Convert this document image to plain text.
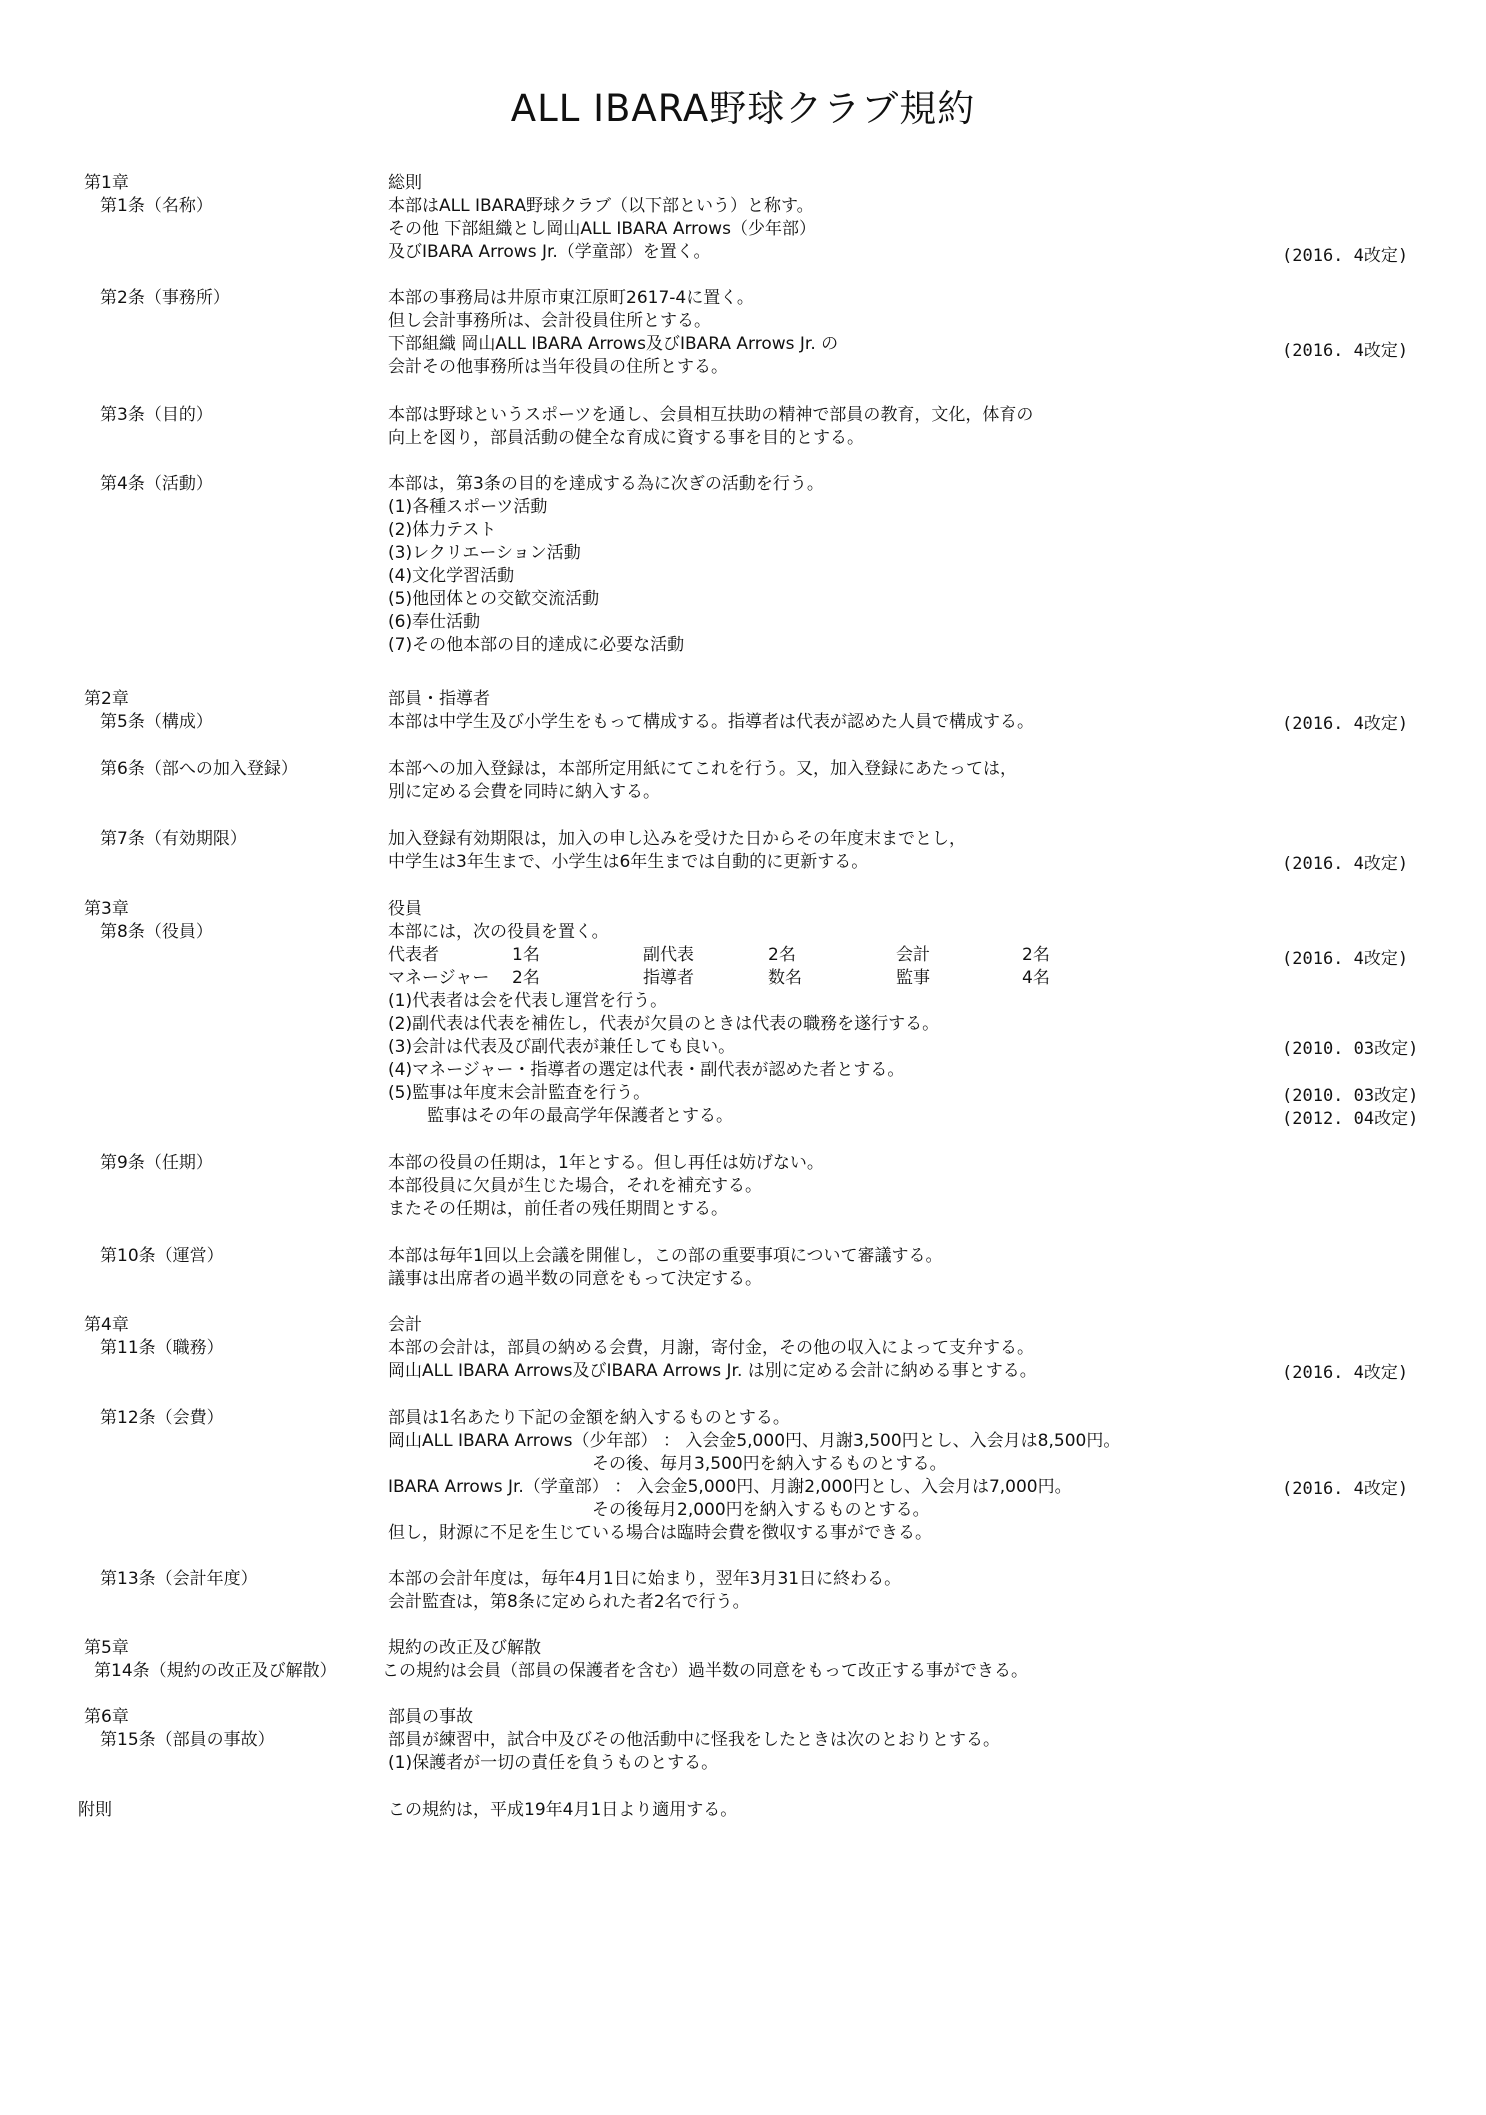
ALL IBARA野球クラブ規約
第1章	総則
第1条（名称）	本部はALL IBARA野球クラブ（以下部という）と称す。
その他 下部組織とし岡山ALL IBARA Arrows（少年部）
及びIBARA Arrows Jr.（学童部）を置く。	(2016. 4改定)
第2条（事務所）	本部の事務局は井原市東江原町2617-4に置く。
但し会計事務所は、会計役員住所とする。
下部組織 岡山ALL IBARA Arrows及びIBARA Arrows Jr. の	(2016. 4改定)
会計その他事務所は当年役員の住所とする。
第3条（目的）	本部は野球というスポーツを通し、会員相互扶助の精神で部員の教育，文化，体育の
向上を図り，部員活動の健全な育成に資する事を目的とする。
第4条（活動）	本部は，第3条の目的を達成する為に次ぎの活動を行う。
(1)各種スポーツ活動
(2)体力テスト
(3)レクリエーション活動
(4)文化学習活動
(5)他団体との交歓交流活動
(6)奉仕活動
(7)その他本部の目的達成に必要な活動
第2章	部員・指導者
第5条（構成）	本部は中学生及び小学生をもって構成する。指導者は代表が認めた人員で構成する。	(2016. 4改定)
第6条（部への加入登録）	本部への加入登録は，本部所定用紙にてこれを行う。又，加入登録にあたっては，
別に定める会費を同時に納入する。
第7条（有効期限）	加入登録有効期限は，加入の申し込みを受けた日からその年度末までとし，
中学生は3年生まで、小学生は6年生までは自動的に更新する。	(2016. 4改定)
第3章	役員
第8条（役員）	本部には，次の役員を置く。
代表者	1名	副代表	2名	会計	2名	(2016. 4改定)
マネージャー 2名	指導者	数名	監事	4名
(1)代表者は会を代表し運営を行う。
(2)副代表は代表を補佐し，代表が欠員のときは代表の職務を遂行する。
(3)会計は代表及び副代表が兼任しても良い。	(2010. 03改定)
(4)マネージャー・指導者の選定は代表・副代表が認めた者とする。
(5)監事は年度末会計監査を行う。	(2010. 03改定)
　監事はその年の最高学年保護者とする。	(2012. 04改定)
第9条（任期）	本部の役員の任期は，1年とする。但し再任は妨げない。
本部役員に欠員が生じた場合，それを補充する。
またその任期は，前任者の残任期間とする。
第10条（運営）	本部は毎年1回以上会議を開催し，この部の重要事項について審議する。
議事は出席者の過半数の同意をもって決定する。
第4章	会計
第11条（職務）	本部の会計は，部員の納める会費，月謝，寄付金，その他の収入によって支弁する。
岡山ALL IBARA Arrows及びIBARA Arrows Jr. は別に定める会計に納める事とする。	(2016. 4改定)
第12条（会費）	部員は1名あたり下記の金額を納入するものとする。
岡山ALL IBARA Arrows（少年部） ： 入会金5,000円、月謝3,500円とし、入会月は8,500円。
　　　　　　　　　　　　その後、毎月3,500円を納入するものとする。
IBARA Arrows Jr.（学童部） ： 入会金5,000円、月謝2,000円とし、入会月は7,000円。	(2016. 4改定)
　　　　　　　　　　　　その後毎月2,000円を納入するものとする。
但し，財源に不足を生じている場合は臨時会費を徴収する事ができる。
第13条（会計年度）	本部の会計年度は，毎年4月1日に始まり，翌年3月31日に終わる。
会計監査は，第8条に定められた者2名で行う。
第5章	規約の改正及び解散
第14条（規約の改正及び解散）	この規約は会員（部員の保護者を含む）過半数の同意をもって改正する事ができる。
第6章	部員の事故
第15条（部員の事故）	部員が練習中，試合中及びその他活動中に怪我をしたときは次のとおりとする。
(1)保護者が一切の責任を負うものとする。
附則	この規約は，平成19年4月1日より適用する。
